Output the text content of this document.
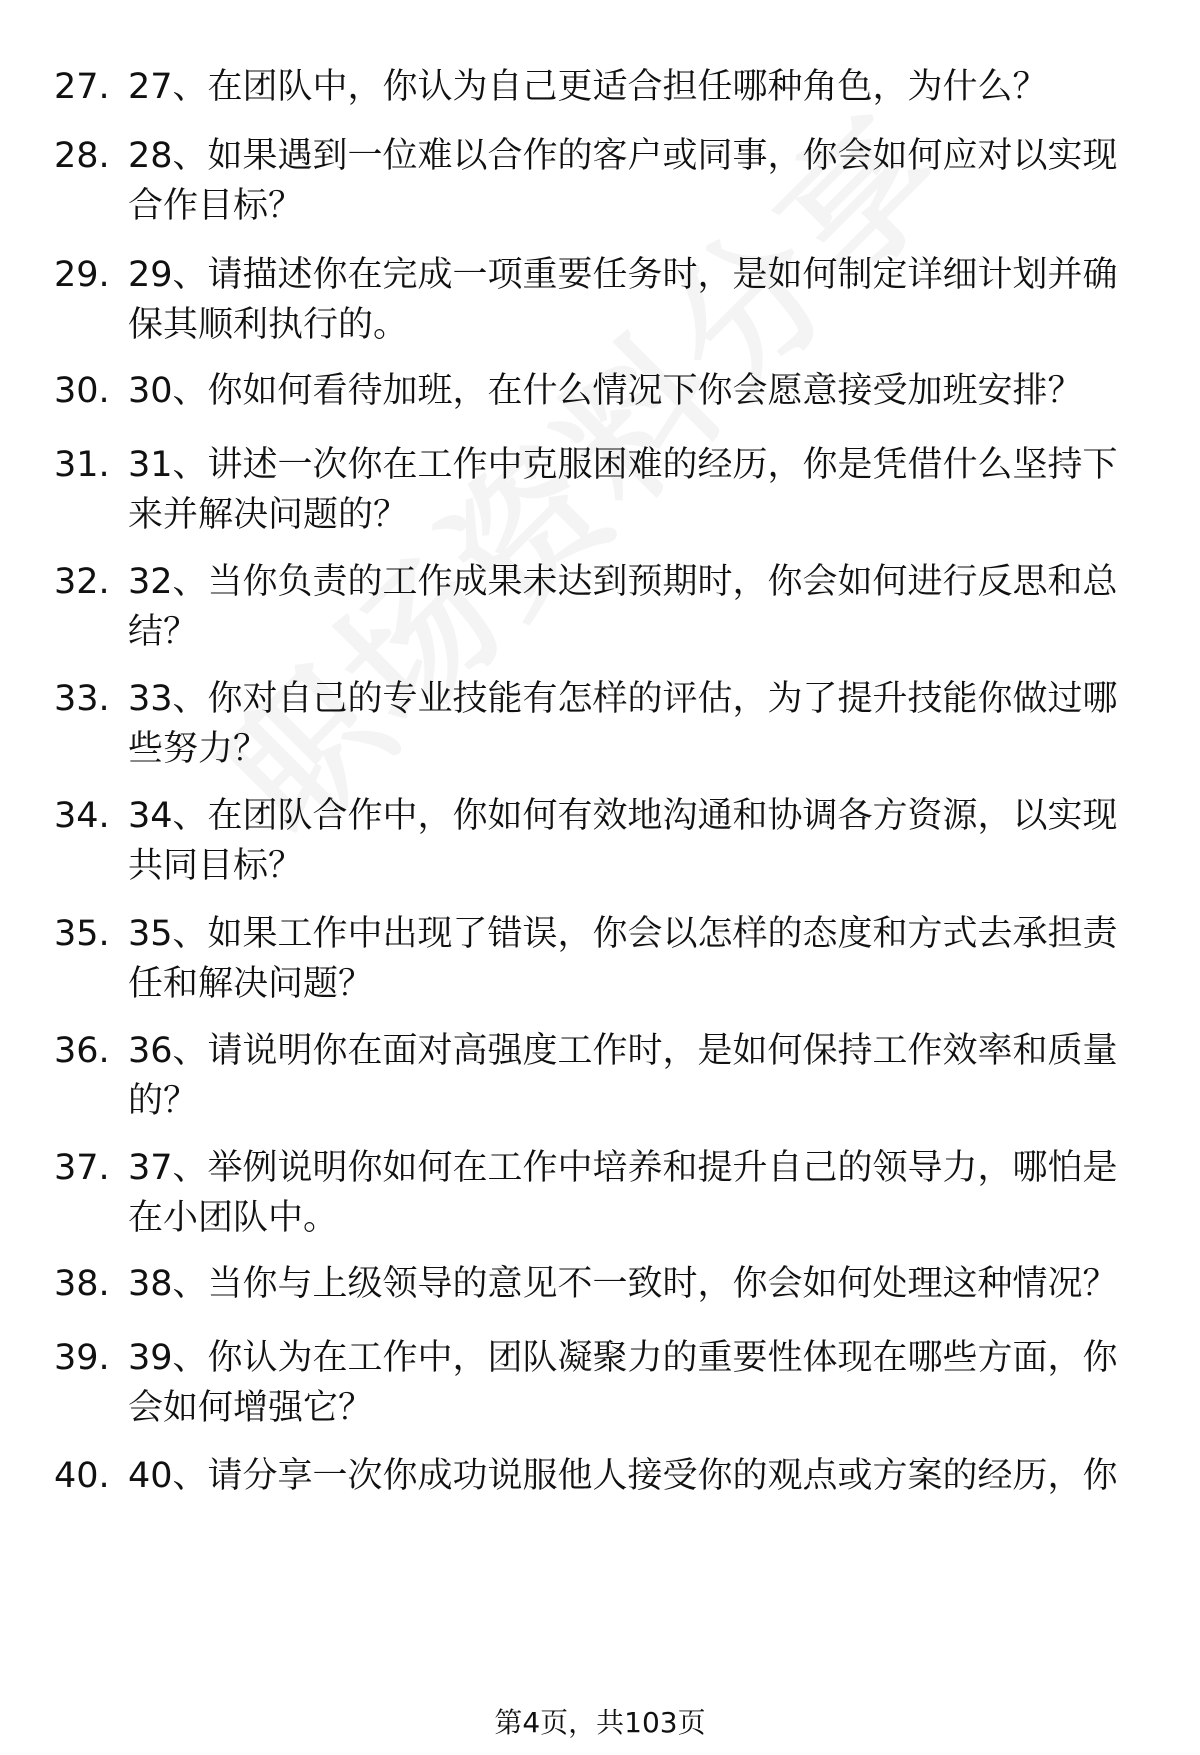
27. 27、在团队中，你认为自己更适合担任哪种角色，为什么？
28. 28、如果遇到一位难以合作的客户或同事，你会如何应对以实现合作目标？
29. 29、请描述你在完成一项重要任务时，是如何制定详细计划并确保其顺利执行的。
30. 30、你如何看待加班，在什么情况下你会愿意接受加班安排？
31. 31、讲述一次你在工作中克服困难的经历，你是凭借什么坚持下来并解决问题的？
32. 32、当你负责的工作成果未达到预期时，你会如何进行反思和总结？
33. 33、你对自己的专业技能有怎样的评估，为了提升技能你做过哪些努力？
34. 34、在团队合作中，你如何有效地沟通和协调各方资源，以实现共同目标？
35. 35、如果工作中出现了错误，你会以怎样的态度和方式去承担责任和解决问题？
36. 36、请说明你在面对高强度工作时，是如何保持工作效率和质量的？
37. 37、举例说明你如何在工作中培养和提升自己的领导力，哪怕是在小团队中。
38. 38、当你与上级领导的意见不一致时，你会如何处理这种情况？
39. 39、你认为在工作中，团队凝聚力的重要性体现在哪些方面，你会如何增强它？
40. 40、请分享一次你成功说服他人接受你的观点或方案的经历，你
第4页，共103页
